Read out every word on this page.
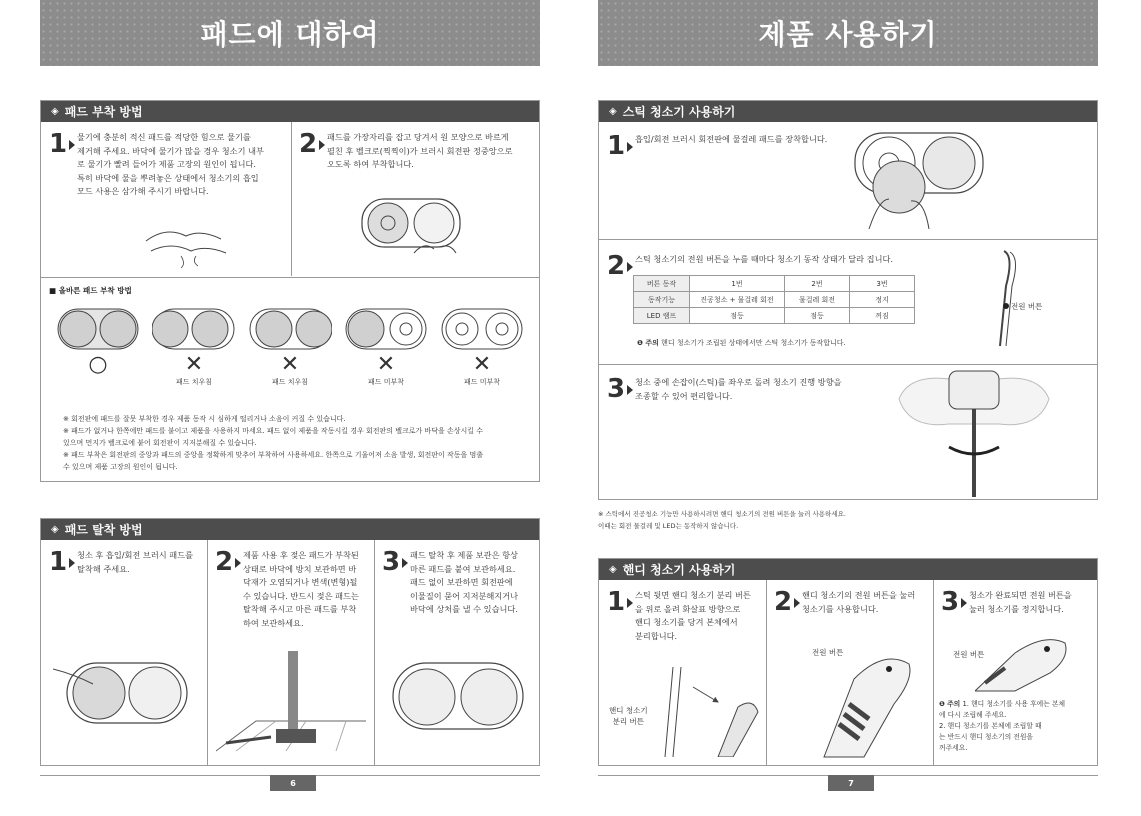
패드에 대하여
◈ 패드 부착 방법
1 물기에 충분히 적신 패드를 적당한 힘으로 물기를
제거해 주세요. 바닥에 물기가 많을 경우 청소기 내부
로 물기가 빨려 들어가 제품 고장의 원인이 됩니다.
특히 바닥에 물을 뿌려놓은 상태에서 청소기의 흡입
모드 사용은 삼가해 주시기 바랍니다.
2 패드를 가장자리를 잡고 당겨서 원 모양으로 바르게
펼친 후 벨크로(찍찍이)가 브러시 회전판 정중앙으로
오도록 하여 부착합니다.
■ 올바른 패드 부착 방법
○	✕
패드 치우침
✕
패드 치우침
✕
패드 미부착
✕
패드 미부착
※ 회전판에 패드를 잘못 부착한 경우 제품 동작 시 심하게 떨리거나 소음이 커질 수 있습니다.
※ 패드가 없거나 한쪽에만 패드를 붙이고 제품을 사용하지 마세요. 패드 없이 제품을 작동시킬 경우 회전판의 벨크로가 바닥을 손상시킬 수
있으며 먼지가 벨크로에 붙어 회전판이 지저분해질 수 있습니다.
※ 패드 부착은 회전판의 중앙과 패드의 중앙을 정확하게 맞추어 부착하여 사용하세요. 한쪽으로 기울어져 소음 발생, 회전판이 작동을 멈출
수 있으며 제품 고장의 원인이 됩니다.
◈ 패드 탈착 방법
1 청소 후 흡입/회전 브러시 패드를
탈착해 주세요.	2 제품 사용 후 젖은 패드가 부착된
상태로 바닥에 방치 보관하면 바
닥재가 오염되거나 변색(변형)될
수 있습니다. 반드시 젖은 패드는
탈착해 주시고 마른 패드를 부착
하여 보관하세요.
3 패드 탈착 후 제품 보관은 항상
마른 패드를 붙여 보관하세요.
패드 없이 보관하면 회전판에
이물질이 묻어 지저분해지거나
바닥에 상처를 낼 수 있습니다.
6
제품 사용하기
◈ 스틱 청소기 사용하기
1 흡입/회전 브러시 회전판에 물걸레 패드를 장착합니다.
2 스틱 청소기의 전원 버튼을 누를 때마다 청소기 동작 상태가 달라 집니다.
버튼 동작	1번	2번	3번
동작기능	진공청소 + 물걸레 회전	물걸레 회전	정지
LED 램프	점등	점등	꺼짐
❶ 주의 핸디 청소기가 조립된 상태에서만 스틱 청소기가 동작합니다.
전원 버튼
3 청소 중에 손잡이(스틱)를 좌우로 돌려 청소기 진행 방향을
조종할 수 있어 편리합니다.
※ 스틱에서 진공청소 기능만 사용하시려면 핸디 청소기의 전원 버튼을 눌러 사용하세요.
이때는 회전 물걸레 및 LED는 동작하지 않습니다.
◈ 핸디 청소기 사용하기
1 스틱 뒷면 핸디 청소기 분리 버튼
을 위로 올려 화살표 방향으로
핸디 청소기를 당겨 본체에서
분리합니다.
핸디 청소기
분리 버튼
2 핸디 청소기의 전원 버튼을 눌러
청소기를 사용합니다.
전원 버튼
3 청소가 완료되면 전원 버튼을
눌러 청소기를 정지합니다.
전원 버튼
❶ 주의 1. 핸디 청소기를 사용 후에는 본체
에 다시 조립해 주세요.
2. 핸디 청소기를 본체에 조립할 때
는 반드시 핸디 청소기의 전원을
꺼주세요.
7
